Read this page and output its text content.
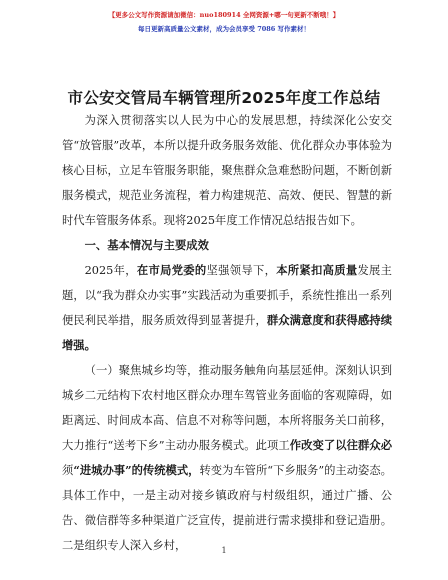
【更多公文写作资源请加微信：nuo180914 全网资源+哪一句更新不断哦！】
每日更新高质量公文素材，成为会员享受 7086 写作素材！
市公安交管局车辆管理所2025年度工作总结

为深入贯彻落实以人民为中心的发展思想，持续深化公安交管“放管服”改革，本所以提升政务服务效能、优化群众办事体验为核心目标，立足车管服务职能，聚焦群众急难愁盼问题，不断创新服务模式，规范业务流程，着力构建规范、高效、便民、智慧的新时代车管服务体系。现将2025年度工作情况总结报告如下。

一、基本情况与主要成效

2025年，在市局党委的坚强领导下，本所紧扣高质量发展主题，以“我为群众办实事”实践活动为重要抓手，系统性推出一系列便民利民举措，服务质效得到显著提升，群众满意度和获得感持续增强。

（一）聚焦城乡均等，推动服务触角向基层延伸。深刻认识到城乡二元结构下农村地区群众办理车驾管业务面临的客观障碍，如距离远、时间成本高、信息不对称等问题，本所将服务关口前移，大力推行“送考下乡”主动办服务模式。此项工作改变了以往群众必须“进城办事”的传统模式，转变为车管所“下乡服务”的主动姿态。具体工作中，一是主动对接乡镇政府与村级组织，通过广播、公告、微信群等多种渠道广泛宣传，提前进行需求摸排和登记造册。二是组织专人深入乡村，	1
